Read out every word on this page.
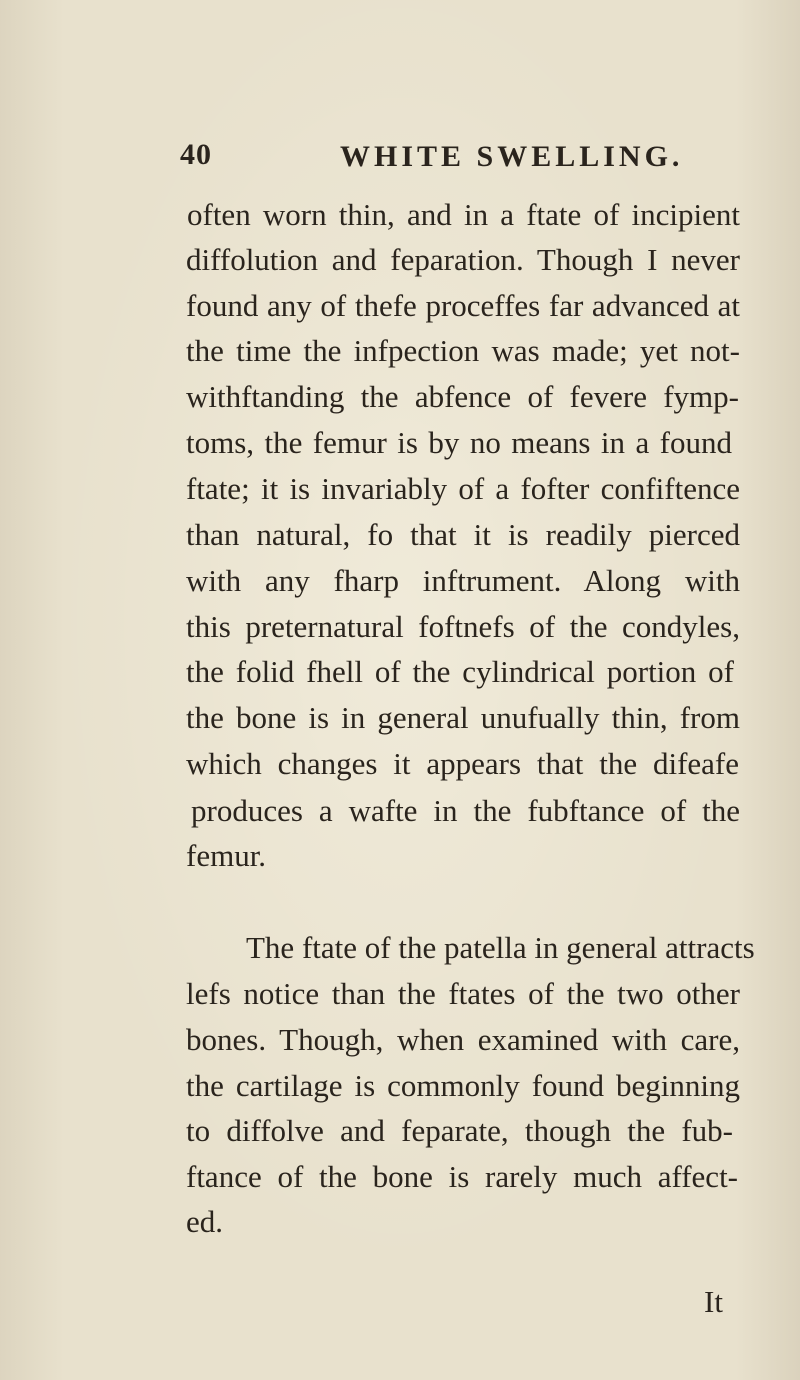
40	WHITE SWELLING.
often worn thin, and in a ftate of incipient
diffolution and feparation. Though I never
found any of thefe proceffes far advanced at
the time the infpection was made; yet not-
withftanding the abfence of fevere fymp-
toms, the femur is by no means in a found
ftate; it is invariably of a fofter confiftence
than natural, fo that it is readily pierced
with any fharp inftrument. Along with
this preternatural foftnefs of the condyles,
the folid fhell of the cylindrical portion of
the bone is in general unufually thin, from
which changes it appears that the difeafe
produces a wafte in the fubftance of the
femur.
The ftate of the patella in general attracts
lefs notice than the ftates of the two other
bones. Though, when examined with care,
the cartilage is commonly found beginning
to diffolve and feparate, though the fub-
ftance of the bone is rarely much affect-
ed.
It
